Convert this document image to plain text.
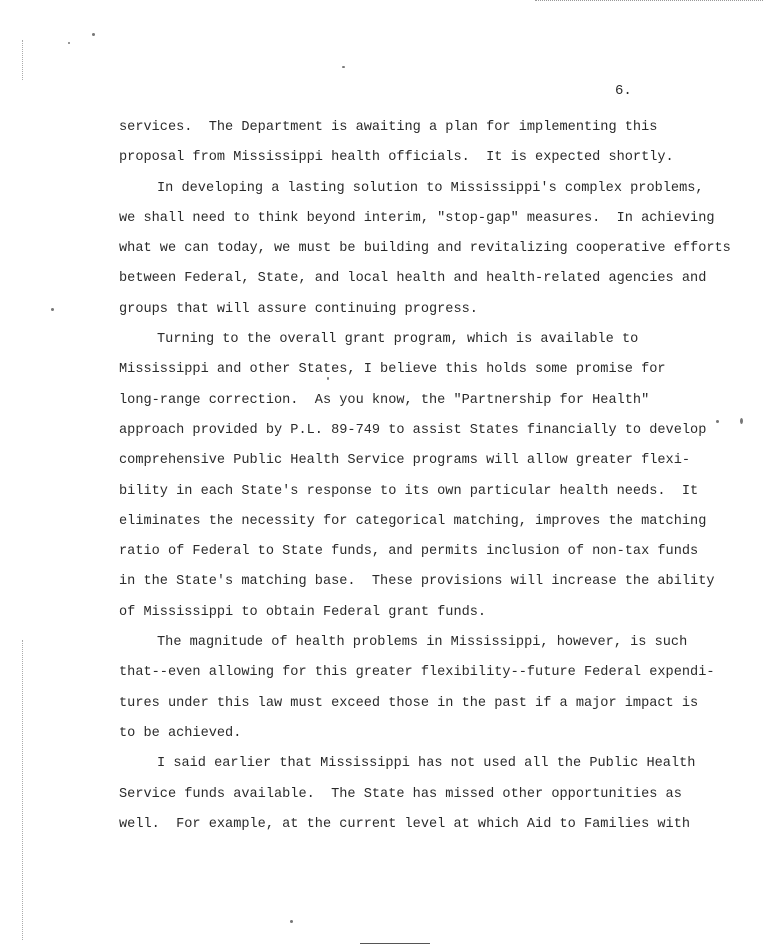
6.

services.  The Department is awaiting a plan for implementing this
proposal from Mississippi health officials.  It is expected shortly.
In developing a lasting solution to Mississippi's complex problems,
we shall need to think beyond interim, "stop-gap" measures.  In achieving
what we can today, we must be building and revitalizing cooperative efforts
between Federal, State, and local health and health-related agencies and
groups that will assure continuing progress.
Turning to the overall grant program, which is available to
Mississippi and other States, I believe this holds some promise for
long-range correction.  As you know, the "Partnership for Health"
approach provided by P.L. 89-749 to assist States financially to develop
comprehensive Public Health Service programs will allow greater flexi-
bility in each State's response to its own particular health needs.  It
eliminates the necessity for categorical matching, improves the matching
ratio of Federal to State funds, and permits inclusion of non-tax funds
in the State's matching base.  These provisions will increase the ability
of Mississippi to obtain Federal grant funds.
The magnitude of health problems in Mississippi, however, is such
that--even allowing for this greater flexibility--future Federal expendi-
tures under this law must exceed those in the past if a major impact is
to be achieved.
I said earlier that Mississippi has not used all the Public Health
Service funds available.  The State has missed other opportunities as
well.  For example, at the current level at which Aid to Families with
